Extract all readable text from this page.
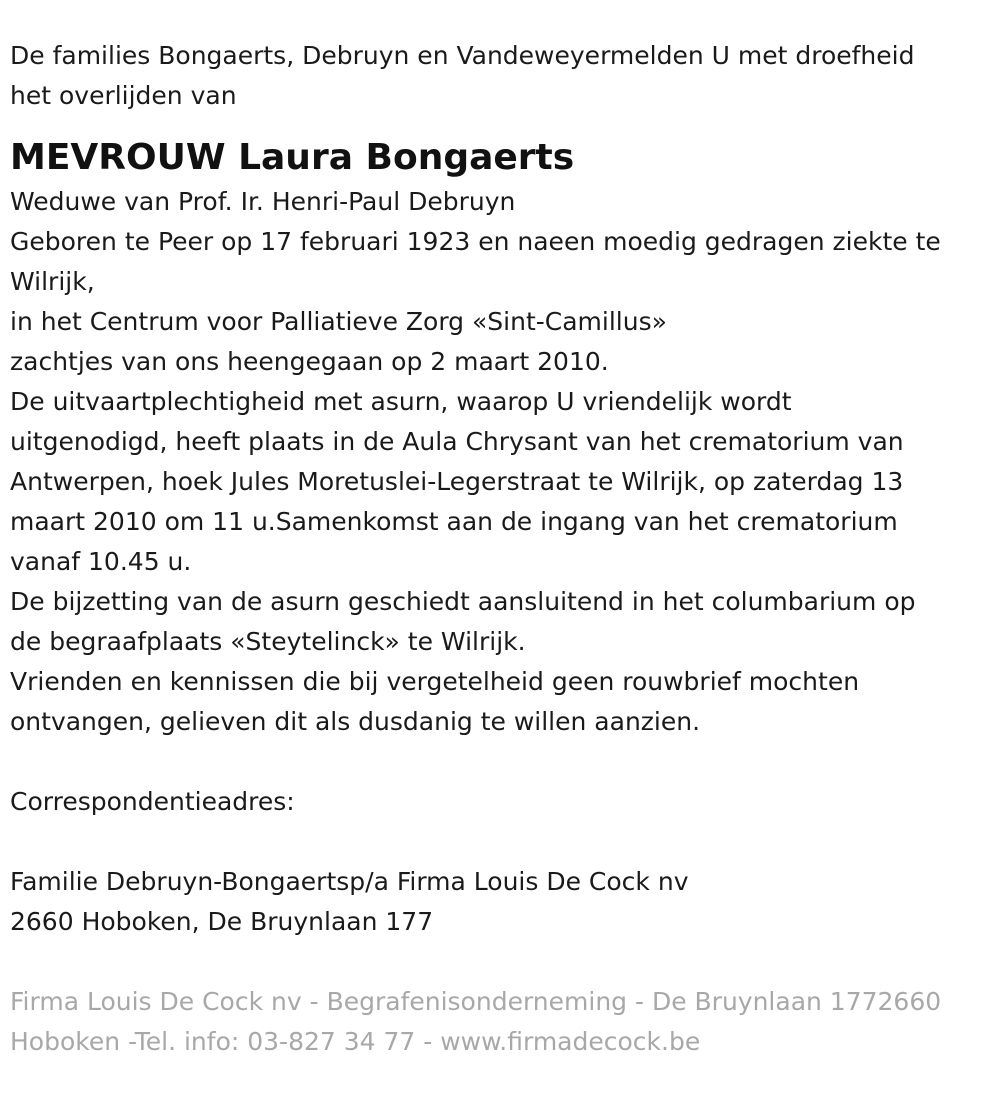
De families Bongaerts, Debruyn en Vandeweyermelden U met droefheid

het overlijden van

MEVROUW Laura Bongaerts

Weduwe van Prof. Ir. Henri-Paul Debruyn

Geboren te Peer op 17 februari 1923 en naeen moedig gedragen ziekte te

Wilrijk,

in het Centrum voor Palliatieve Zorg «Sint-Camillus»

zachtjes van ons heengegaan op 2 maart 2010.

De uitvaartplechtigheid met asurn, waarop U vriendelijk wordt

uitgenodigd, heeft plaats in de Aula Chrysant van het crematorium van

Antwerpen, hoek Jules Moretuslei-Legerstraat te Wilrijk, op zaterdag 13

maart 2010 om 11 u.Samenkomst aan de ingang van het crematorium

vanaf 10.45 u.

De bijzetting van de asurn geschiedt aansluitend in het columbarium op

de begraafplaats «Steytelinck» te Wilrijk.

Vrienden en kennissen die bij vergetelheid geen rouwbrief mochten

ontvangen, gelieven dit als dusdanig te willen aanzien.

Correspondentieadres:

Familie Debruyn-Bongaertsp/a Firma Louis De Cock nv

2660 Hoboken, De Bruynlaan 177

Firma Louis De Cock nv - Begrafenisonderneming - De Bruynlaan 1772660

Hoboken -Tel. info: 03-827 34 77 - www.firmadecock.be
